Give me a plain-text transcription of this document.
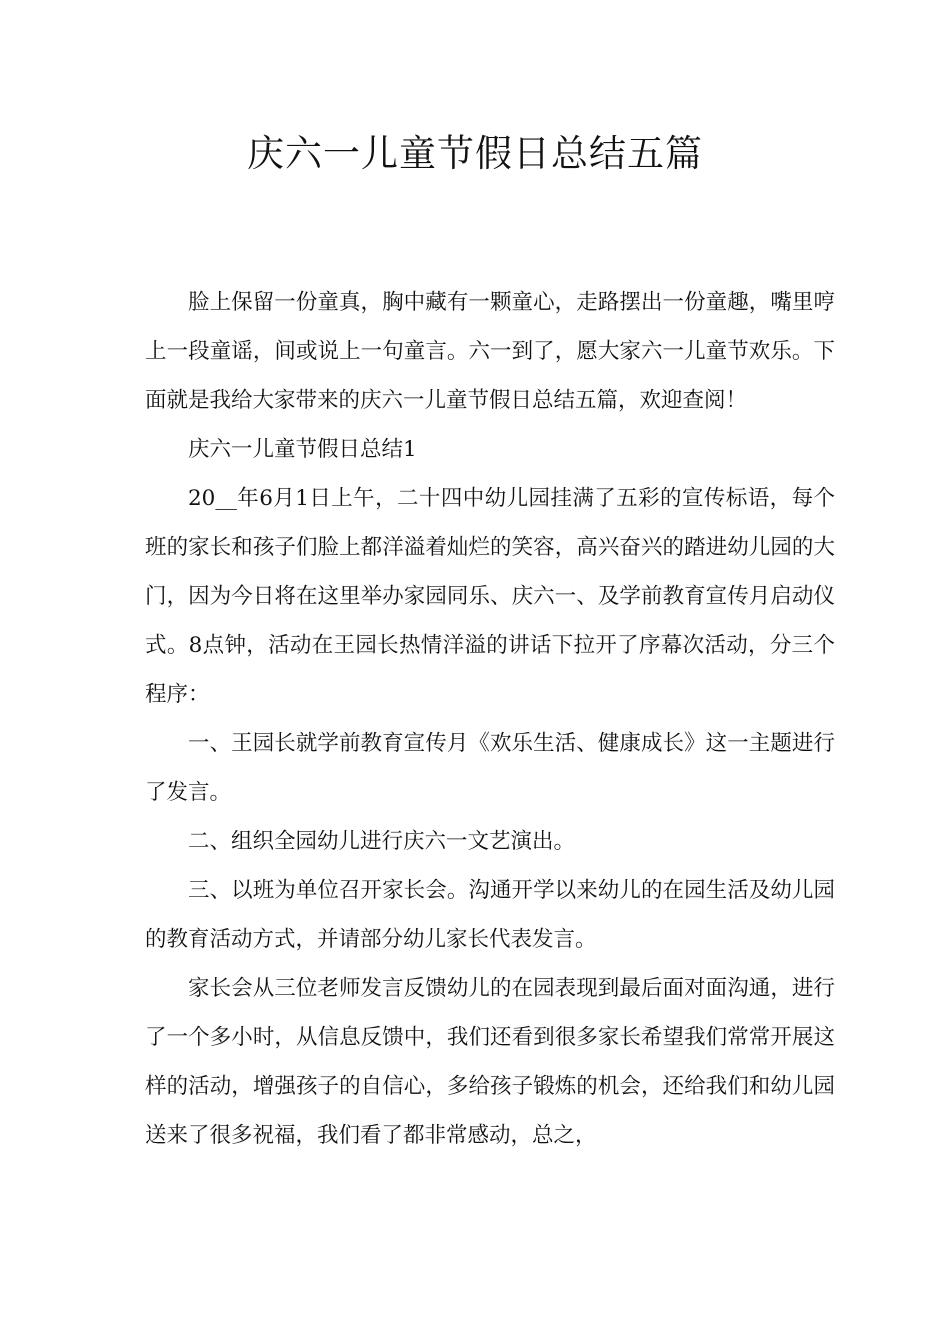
庆六一儿童节假日总结五篇

脸上保留一份童真，胸中藏有一颗童心，走路摆出一份童趣，嘴里哼上一段童谣，间或说上一句童言。六一到了，愿大家六一儿童节欢乐。下面就是我给大家带来的庆六一儿童节假日总结五篇，欢迎查阅！

庆六一儿童节假日总结1

20__年6月1日上午，二十四中幼儿园挂满了五彩的宣传标语，每个班的家长和孩子们脸上都洋溢着灿烂的笑容，高兴奋兴的踏进幼儿园的大门，因为今日将在这里举办家园同乐、庆六一、及学前教育宣传月启动仪式。8点钟，活动在王园长热情洋溢的讲话下拉开了序幕次活动，分三个程序：

一、王园长就学前教育宣传月《欢乐生活、健康成长》这一主题进行了发言。

二、组织全园幼儿进行庆六一文艺演出。

三、以班为单位召开家长会。沟通开学以来幼儿的在园生活及幼儿园的教育活动方式，并请部分幼儿家长代表发言。

家长会从三位老师发言反馈幼儿的在园表现到最后面对面沟通，进行了一个多小时，从信息反馈中，我们还看到很多家长希望我们常常开展这样的活动，增强孩子的自信心，多给孩子锻炼的机会，还给我们和幼儿园送来了很多祝福，我们看了都非常感动，总之，
